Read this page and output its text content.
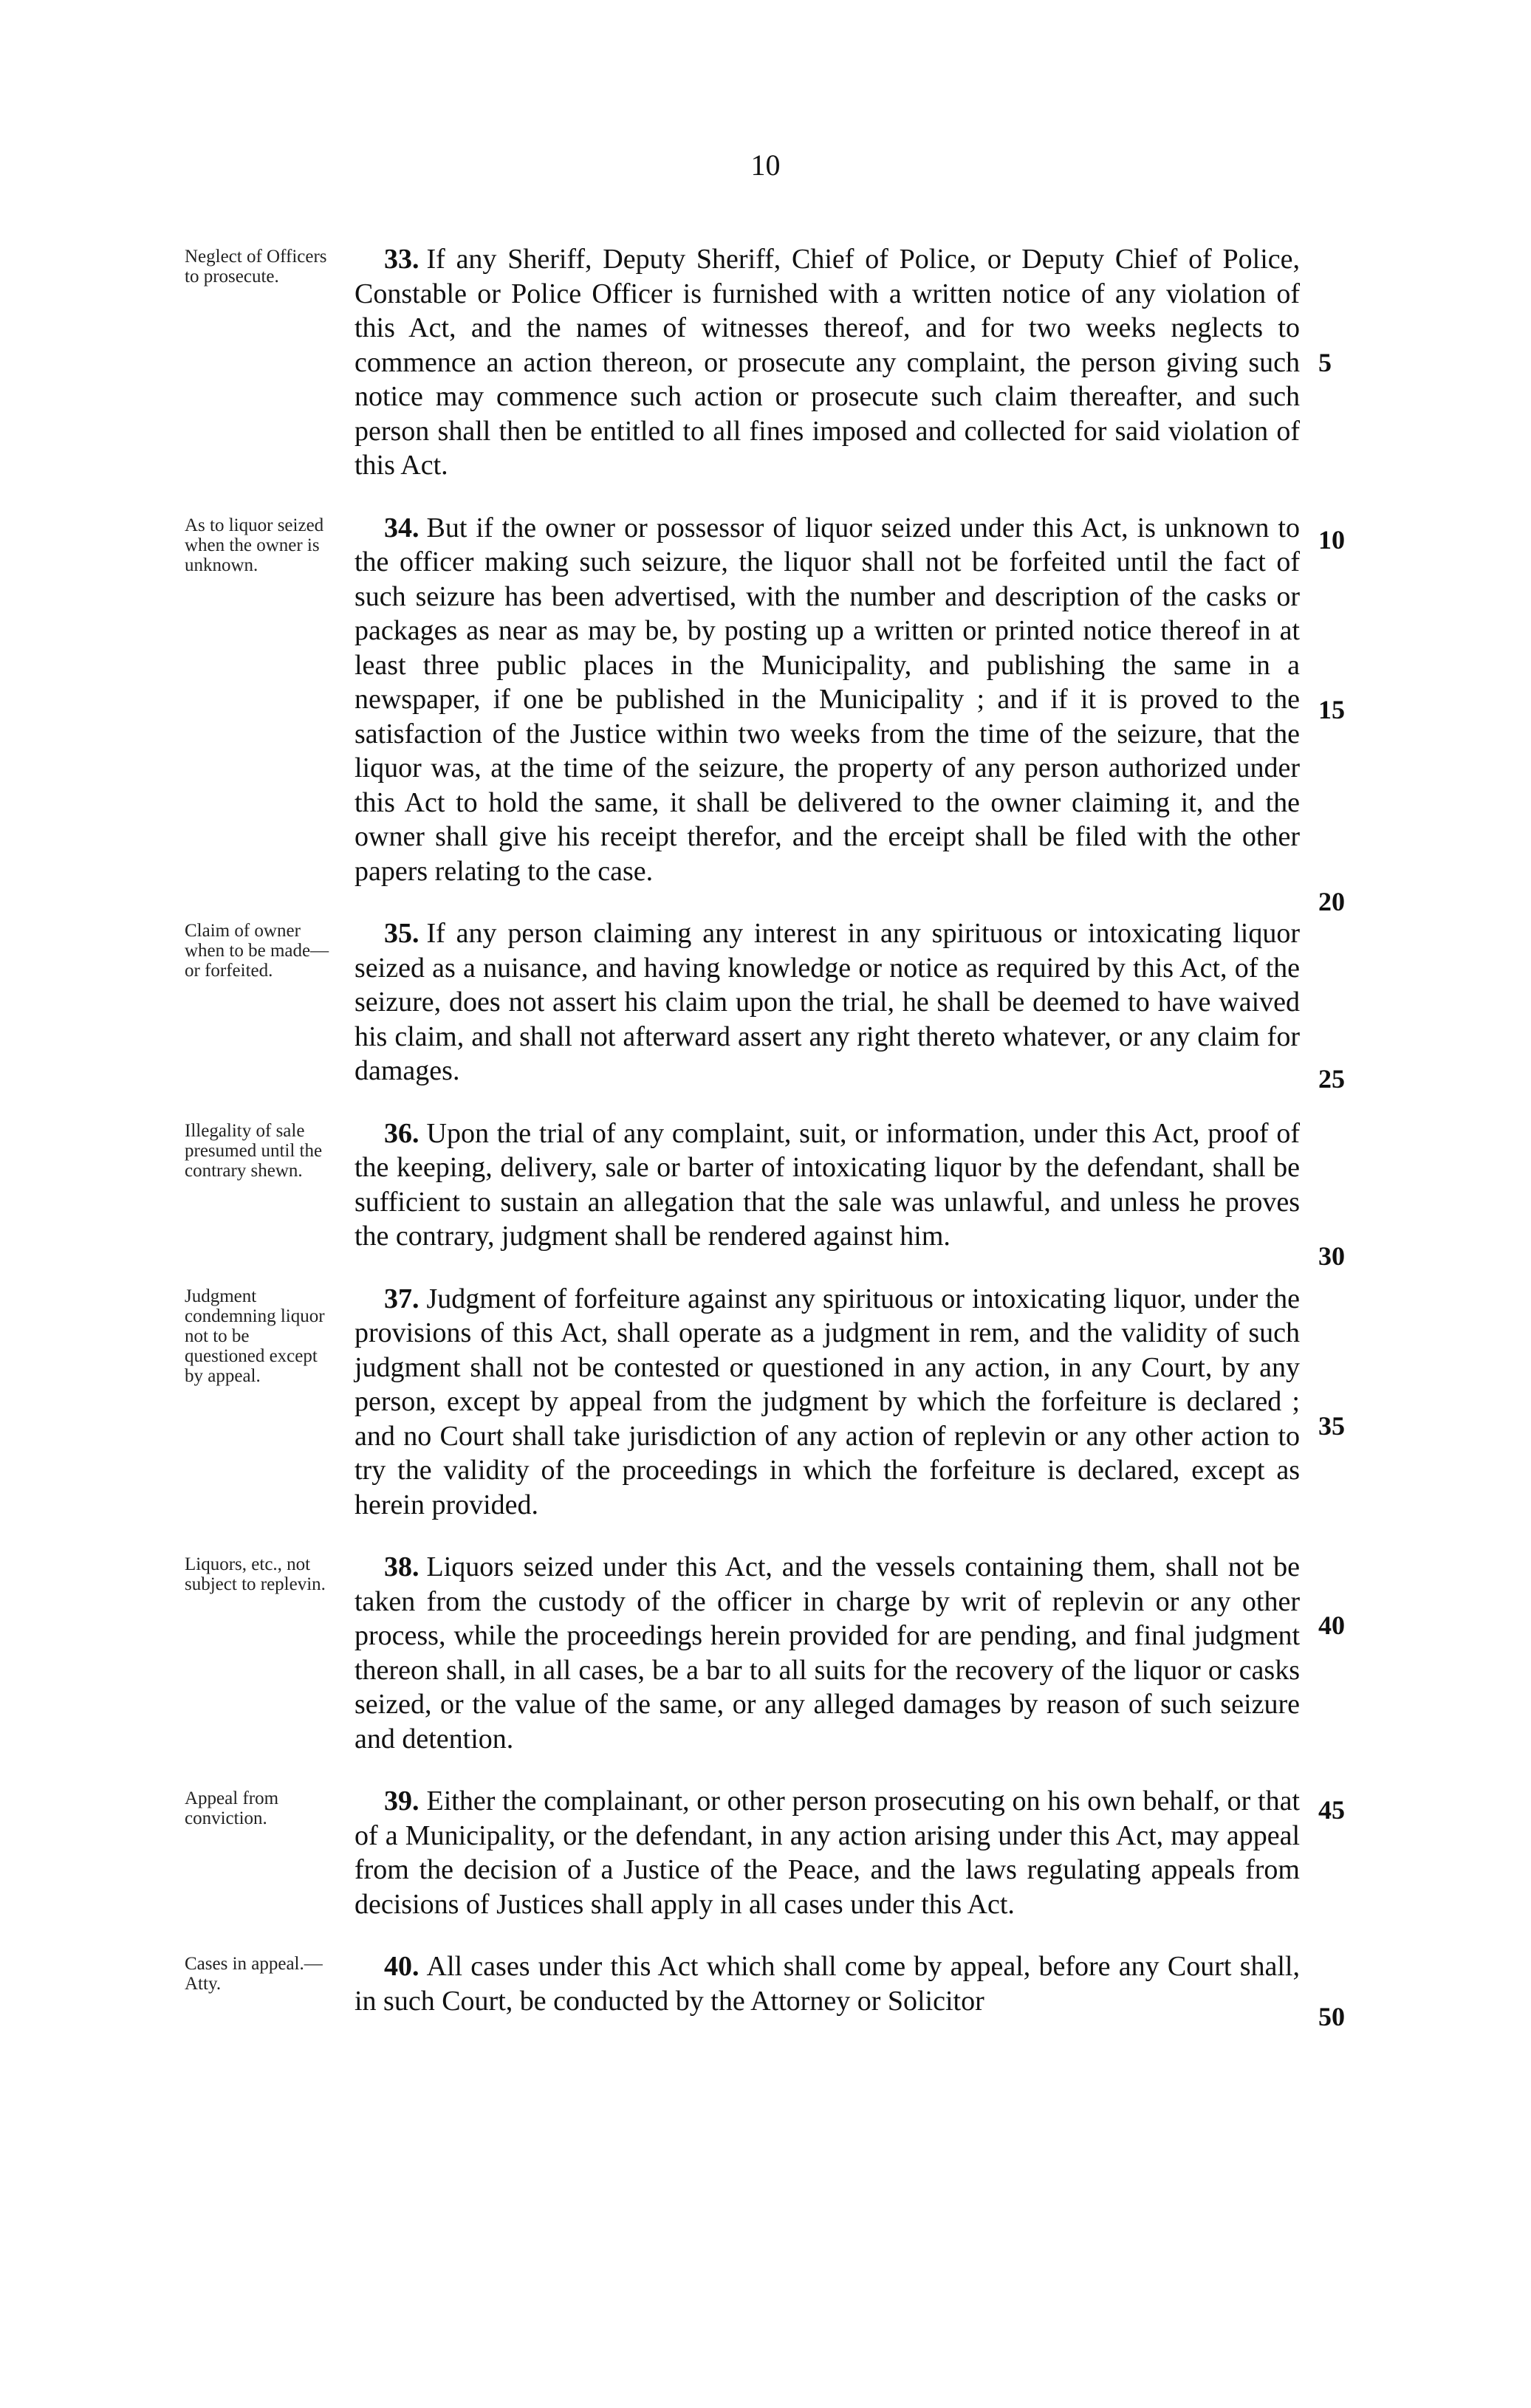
10
5
10
15
20
25
30
35
40
45
50
Neglect of Officers to prosecute.

33. If any Sheriff, Deputy Sheriff, Chief of Police, or Deputy Chief of Police, Constable or Police Officer is furnished with a written notice of any violation of this Act, and the names of witnesses thereof, and for two weeks neglects to commence an action thereon, or prosecute any complaint, the person giving such notice may commence such action or prosecute such claim thereafter, and such person shall then be entitled to all fines imposed and collected for said violation of this Act.

As to liquor seized when the owner is unknown.

34. But if the owner or possessor of liquor seized under this Act, is unknown to the officer making such seizure, the liquor shall not be forfeited until the fact of such seizure has been advertised, with the number and description of the casks or packages as near as may be, by posting up a written or printed notice thereof in at least three public places in the Municipality, and publishing the same in a newspaper, if one be published in the Municipality ; and if it is proved to the satisfaction of the Justice within two weeks from the time of the seizure, that the liquor was, at the time of the seizure, the property of any person authorized under this Act to hold the same, it shall be delivered to the owner claiming it, and the owner shall give his receipt therefor, and the erceipt shall be filed with the other papers relating to the case.

Claim of owner when to be made—or forfeited.

35. If any person claiming any interest in any spirituous or intoxicating liquor seized as a nuisance, and having knowledge or notice as required by this Act, of the seizure, does not assert his claim upon the trial, he shall be deemed to have waived his claim, and shall not afterward assert any right thereto whatever, or any claim for damages.

Illegality of sale presumed until the contrary shewn.

36. Upon the trial of any complaint, suit, or information, under this Act, proof of the keeping, delivery, sale or barter of intoxicating liquor by the defendant, shall be sufficient to sustain an allegation that the sale was unlawful, and unless he proves the contrary, judgment shall be rendered against him.

Judgment condemning liquor not to be questioned except by appeal.

37. Judgment of forfeiture against any spirituous or intoxicating liquor, under the provisions of this Act, shall operate as a judgment in rem, and the validity of such judgment shall not be contested or questioned in any action, in any Court, by any person, except by appeal from the judgment by which the forfeiture is declared ; and no Court shall take jurisdiction of any action of replevin or any other action to try the validity of the proceedings in which the forfeiture is declared, except as herein provided.

Liquors, etc., not subject to replevin.

38. Liquors seized under this Act, and the vessels containing them, shall not be taken from the custody of the officer in charge by writ of replevin or any other process, while the proceedings herein provided for are pending, and final judgment thereon shall, in all cases, be a bar to all suits for the recovery of the liquor or casks seized, or the value of the same, or any alleged damages by reason of such seizure and detention.

Appeal from conviction.

39. Either the complainant, or other person prosecuting on his own behalf, or that of a Municipality, or the defendant, in any action arising under this Act, may appeal from the decision of a Justice of the Peace, and the laws regulating appeals from decisions of Justices shall apply in all cases under this Act.

Cases in appeal.—Atty.

40. All cases under this Act which shall come by appeal, before any Court shall, in such Court, be conducted by the Attorney or Solicitor
